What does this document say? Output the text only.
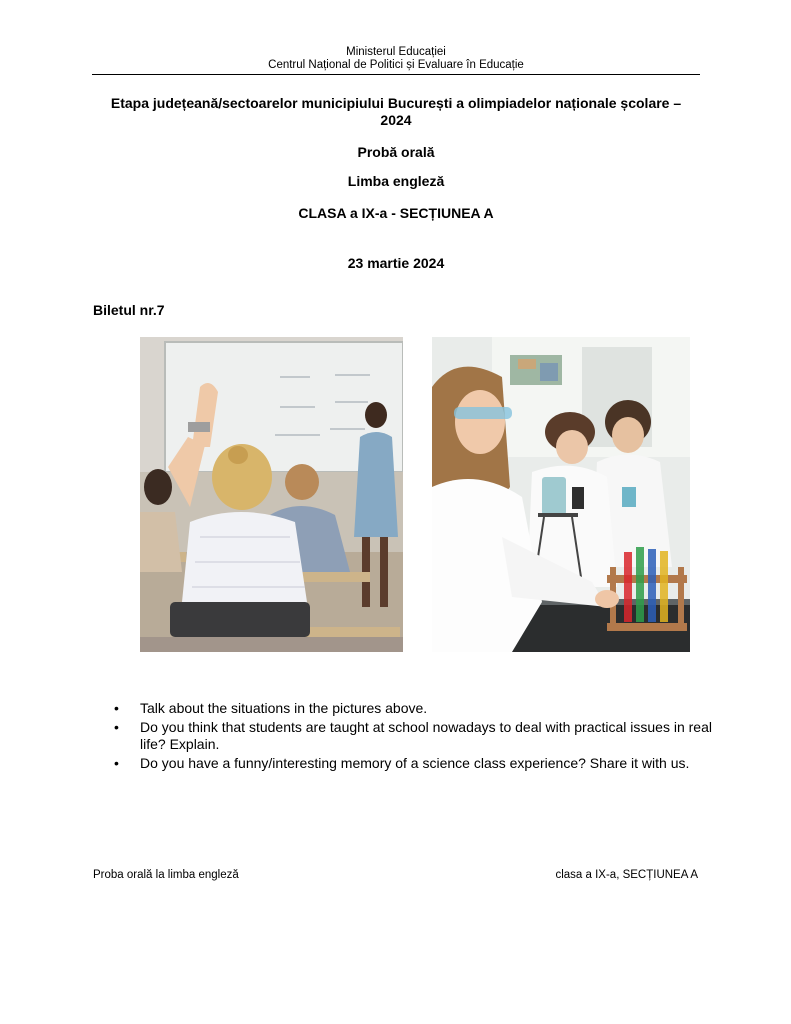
Ministerul Educației
Centrul Național de Politici și Evaluare în Educație
Etapa județeană/sectoarelor municipiului București a olimpiadelor naționale școlare –
2024
Probă orală
Limba engleză
CLASA a IX-a - SECȚIUNEA A
23 martie 2024
Biletul nr.7
• Talk about the situations in the pictures above.
• Do you think that students are taught at school nowadays to deal with practical issues in real life? Explain.
• Do you have a funny/interesting memory of a science class experience? Share it with us.
Proba orală la limba engleză	clasa a IX-a, SECȚIUNEA A
